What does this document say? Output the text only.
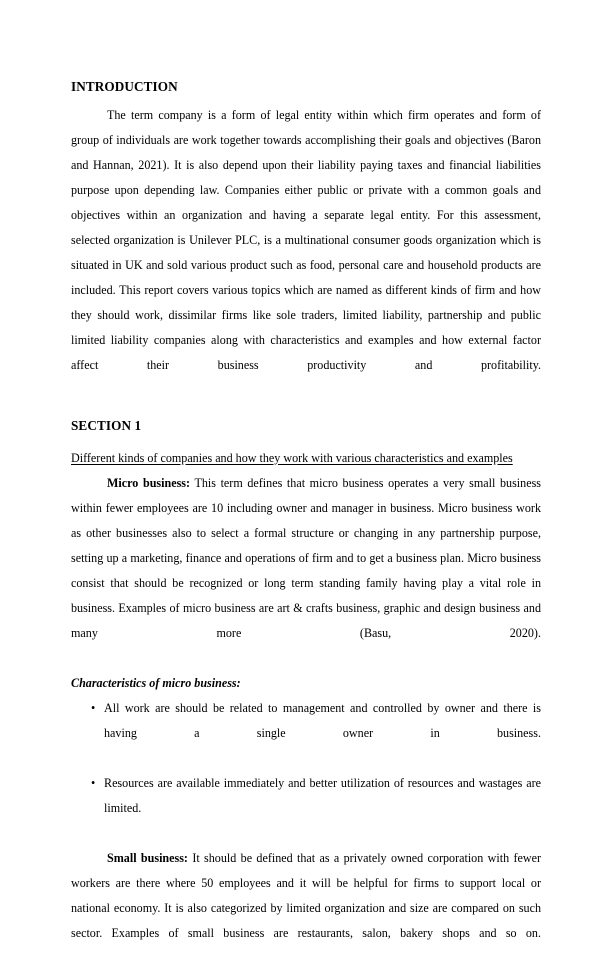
INTRODUCTION

The term company is a form of legal entity within which firm operates and form of group of individuals are work together towards accomplishing their goals and objectives (Baron and Hannan, 2021). It is also depend upon their liability paying taxes and financial liabilities purpose upon depending law. Companies either public or private with a common goals and objectives within an organization and having a separate legal entity. For this assessment, selected organization is Unilever PLC, is a multinational consumer goods organization which is situated in UK and sold various product such as food, personal care and household products are included. This report covers various topics which are named as different kinds of firm and how they should work, dissimilar firms like sole traders, limited liability, partnership and public limited liability companies along with characteristics and examples and how external factor affect their business productivity and profitability.

SECTION 1
Different kinds of companies and how they work with various characteristics and examples

Micro business: This term defines that micro business operates a very small business within fewer employees are 10 including owner and manager in business. Micro business work as other businesses also to select a formal structure or changing in any partnership purpose, setting up a marketing, finance and operations of firm and to get a business plan. Micro business consist that should be recognized or long term standing family having play a vital role in business. Examples of micro business are art & crafts business, graphic and design business and many more (Basu, 2020).

Characteristics of micro business:
• All work are should be related to management and controlled by owner and there is having a single owner in business.
• Resources are available immediately and better utilization of resources and wastages are limited.

Small business: It should be defined that as a privately owned corporation with fewer workers are there where 50 employees and it will be helpful for firms to support local or national economy. It is also categorized by limited organization and size are compared on such sector. Examples of small business are restaurants, salon, bakery shops and so on.
